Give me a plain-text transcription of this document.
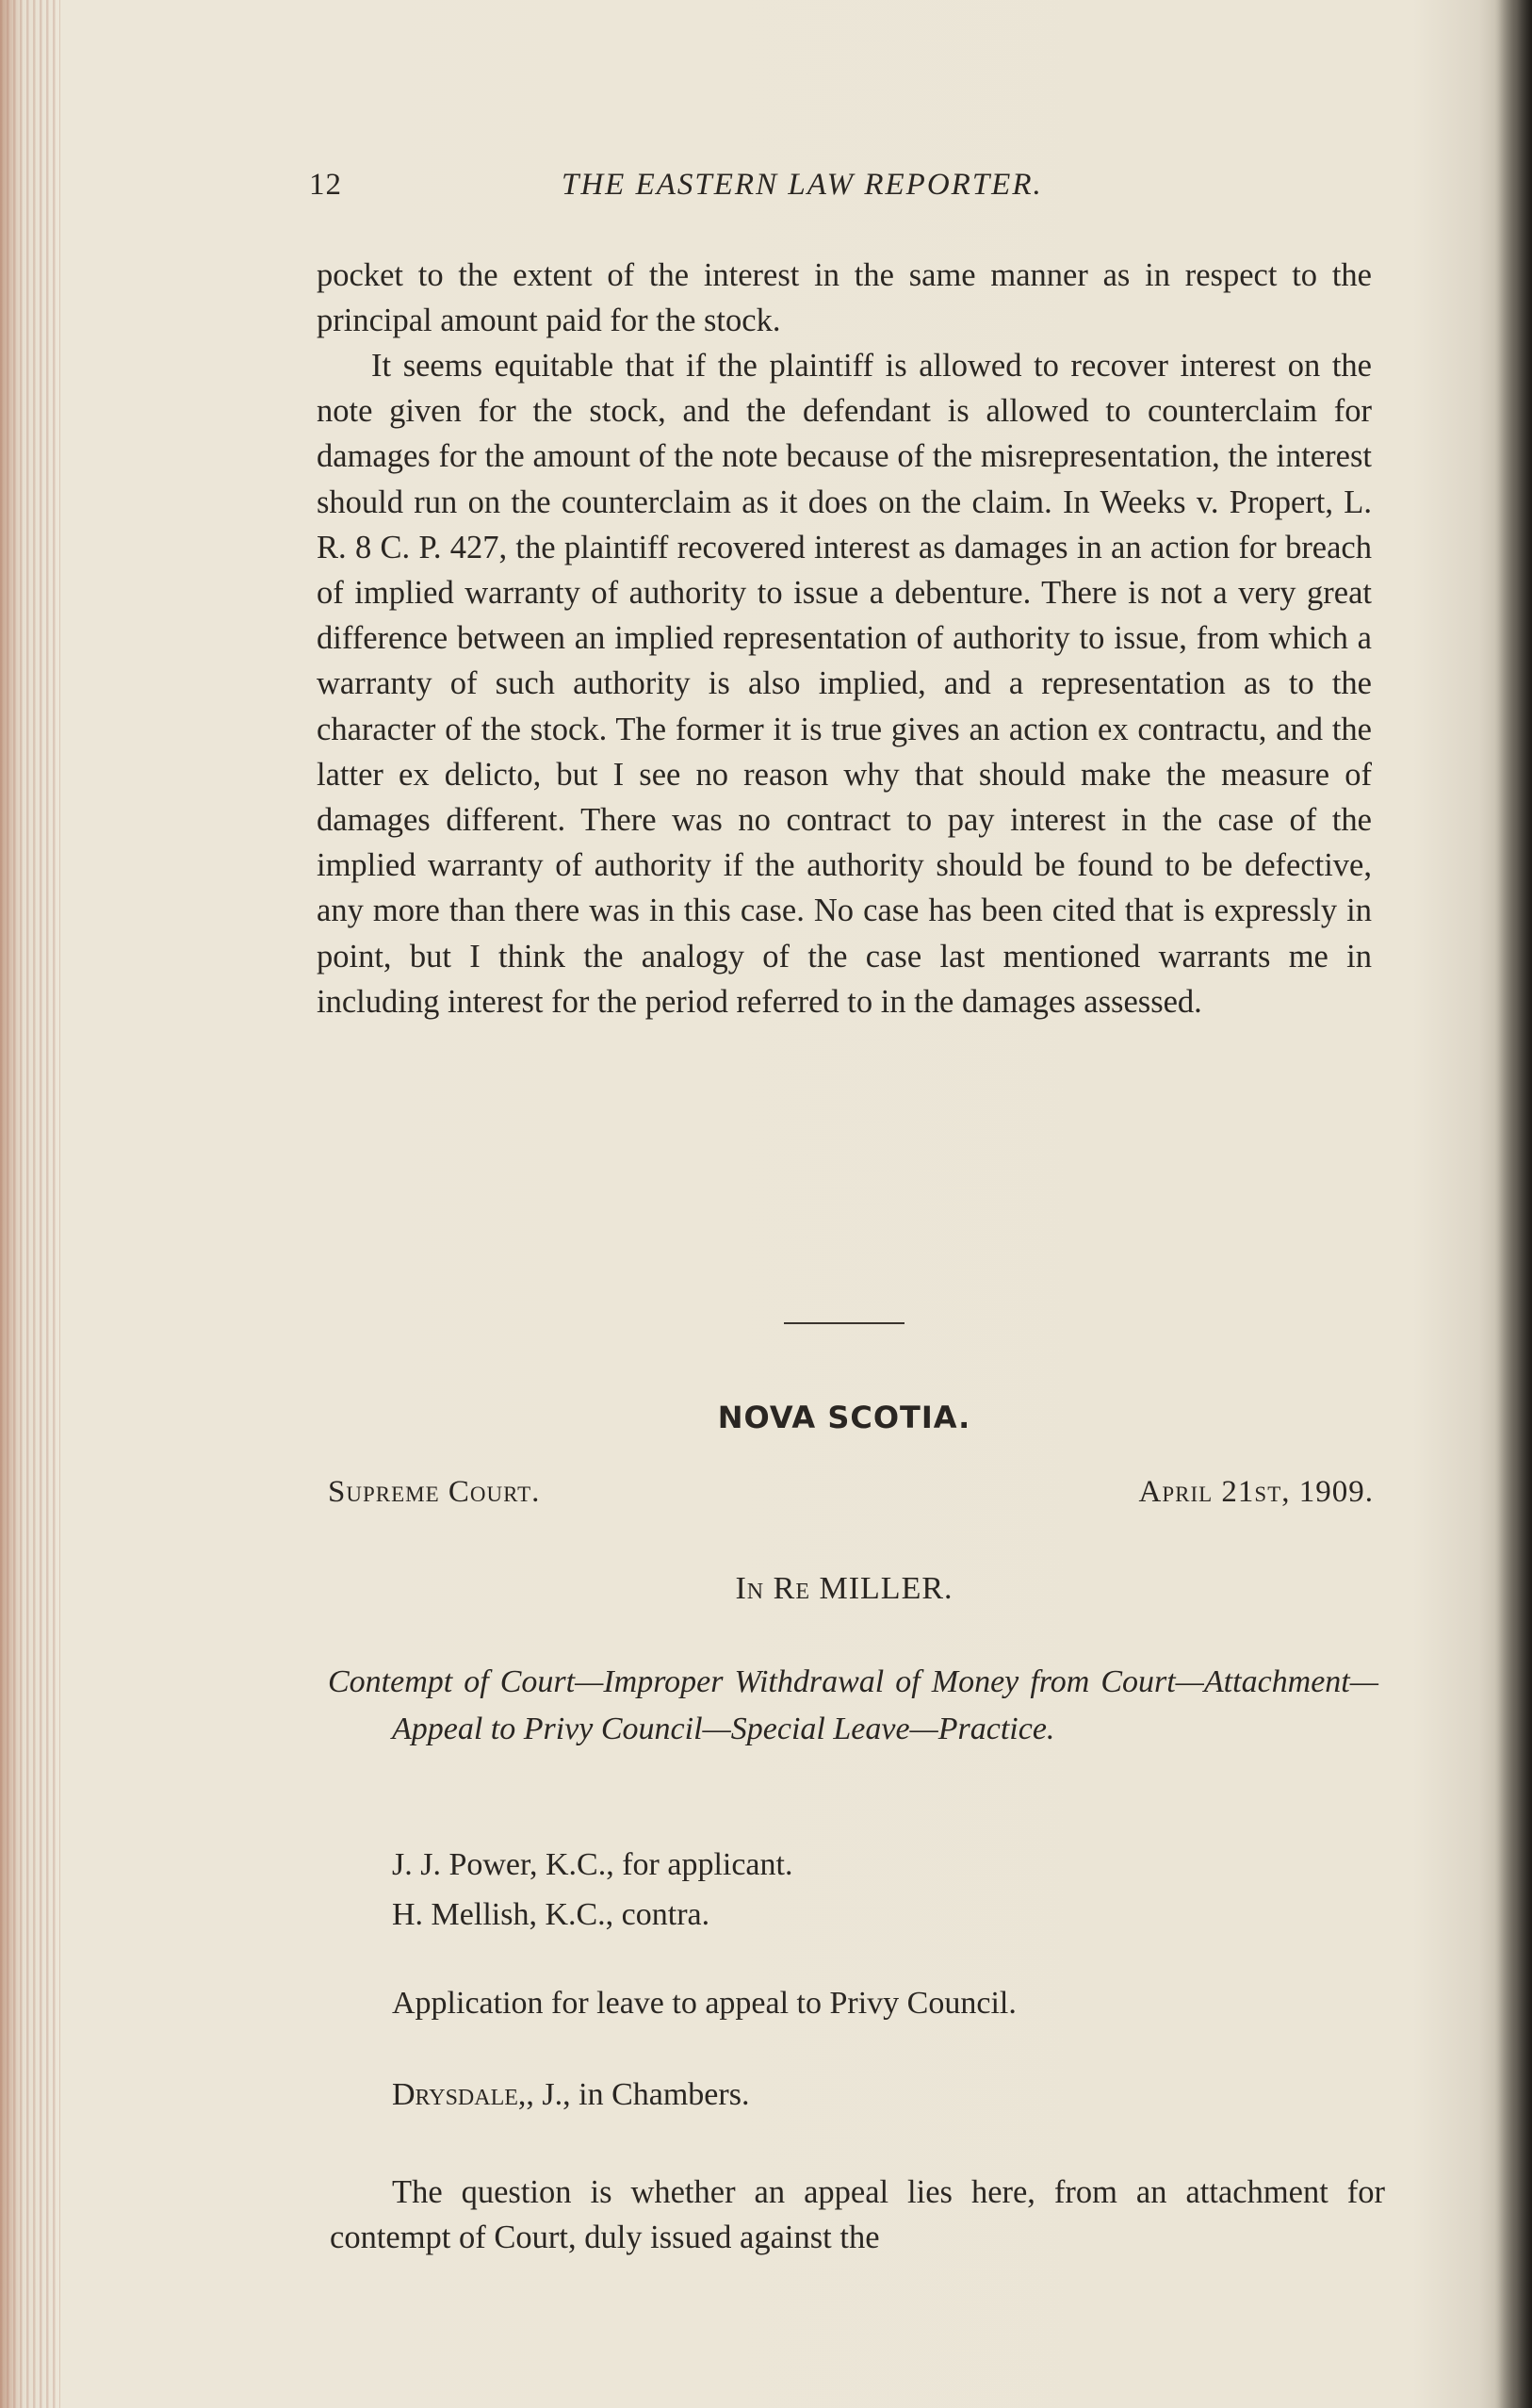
12	THE EASTERN LAW REPORTER.

pocket to the extent of the interest in the same manner as in respect to the principal amount paid for the stock.

It seems equitable that if the plaintiff is allowed to recover interest on the note given for the stock, and the defendant is allowed to counterclaim for damages for the amount of the note because of the misrepresentation, the interest should run on the counterclaim as it does on the claim. In Weeks v. Propert, L. R. 8 C. P. 427, the plaintiff recovered interest as damages in an action for breach of implied warranty of authority to issue a debenture. There is not a very great difference between an implied representation of authority to issue, from which a warranty of such authority is also implied, and a representation as to the character of the stock. The former it is true gives an action ex contractu, and the latter ex delicto, but I see no reason why that should make the measure of damages different. There was no contract to pay interest in the case of the implied warranty of authority if the authority should be found to be defective, any more than there was in this case. No case has been cited that is expressly in point, but I think the analogy of the case last mentioned warrants me in including interest for the period referred to in the damages assessed.

NOVA SCOTIA.
Supreme Court.	April 21st, 1909.
In Re MILLER.
Contempt of Court—Improper Withdrawal of Money from Court—Attachment—Appeal to Privy Council—Special Leave—Practice.
J. J. Power, K.C., for applicant.
H. Mellish, K.C., contra.
Application for leave to appeal to Privy Council.
Drysdale,, J., in Chambers.
The question is whether an appeal lies here, from an attachment for contempt of Court, duly issued against the
